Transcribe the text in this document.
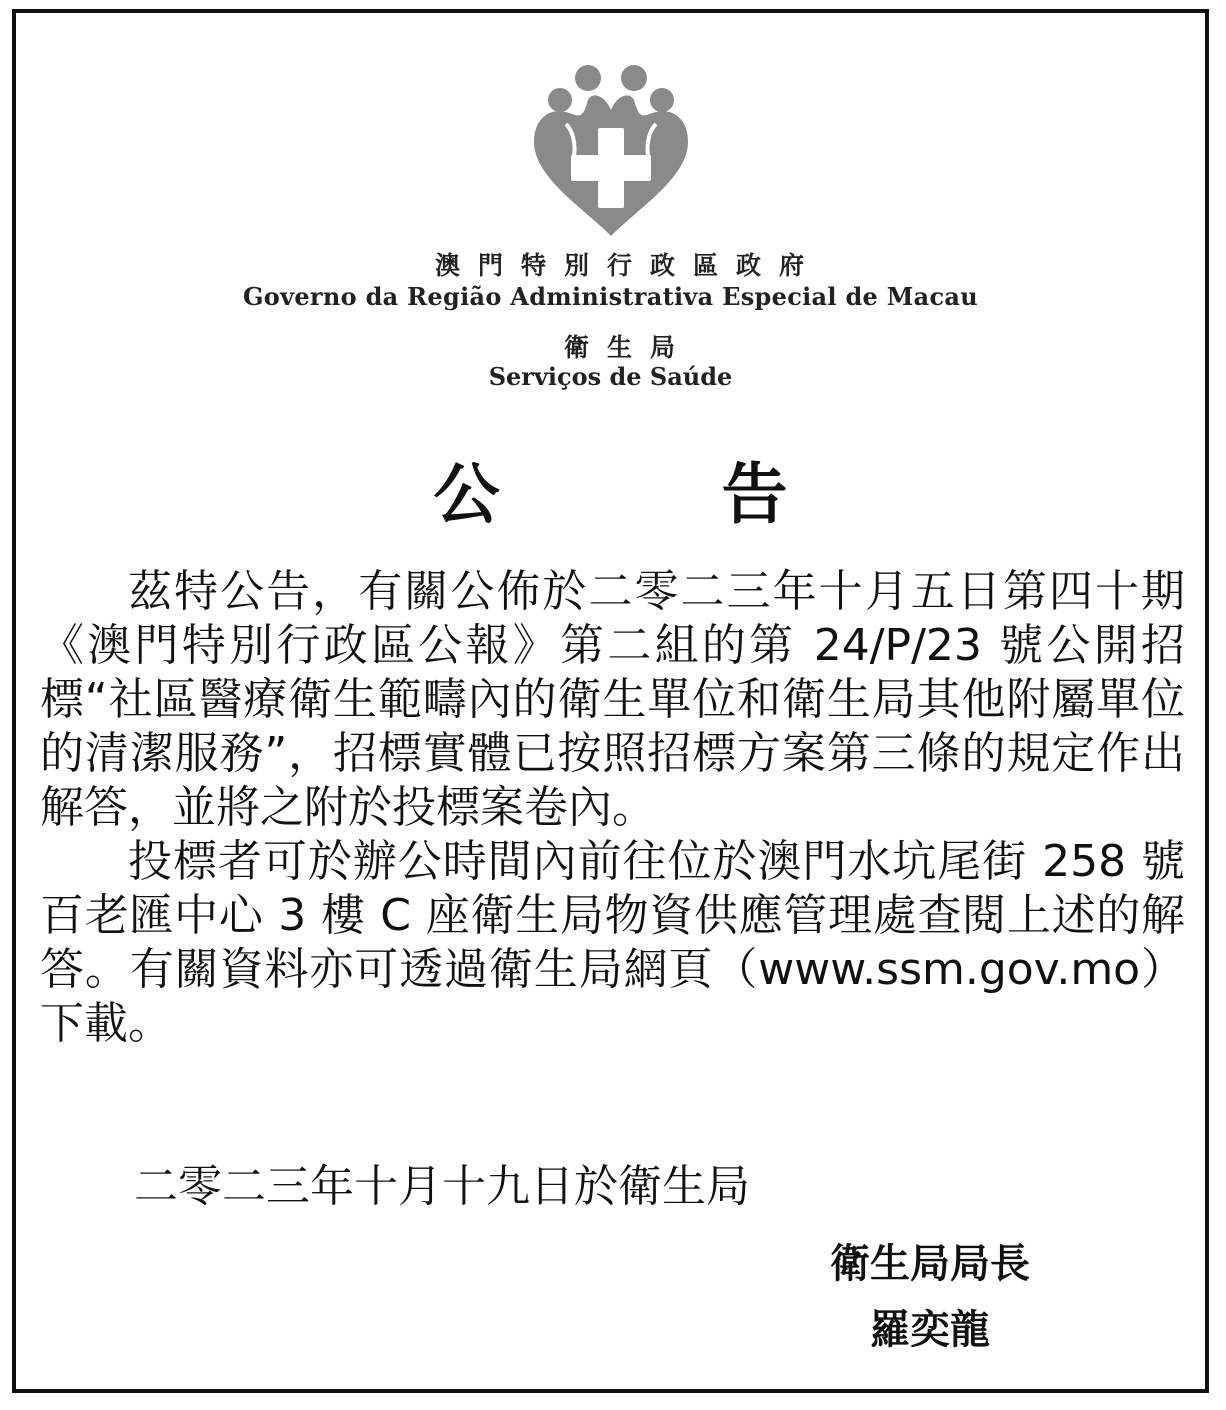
澳門特別行政區政府
Governo da Região Administrativa Especial de Macau
衛生局
Serviços de Saúde
公　告

茲特公告，有關公佈於二零二三年十月五日第四十期《澳門特別行政區公報》第二組的第 24/P/23 號公開招標“社區醫療衛生範疇內的衛生單位和衛生局其他附屬單位的清潔服務”，招標實體已按照招標方案第三條的規定作出解答，並將之附於投標案卷內。

投標者可於辦公時間內前往位於澳門水坑尾街 258 號百老匯中心 3 樓 C 座衛生局物資供應管理處查閱上述的解答。有關資料亦可透過衛生局網頁（www.ssm.gov.mo）下載。

二零二三年十月十九日於衛生局
衛生局局長
羅奕龍
